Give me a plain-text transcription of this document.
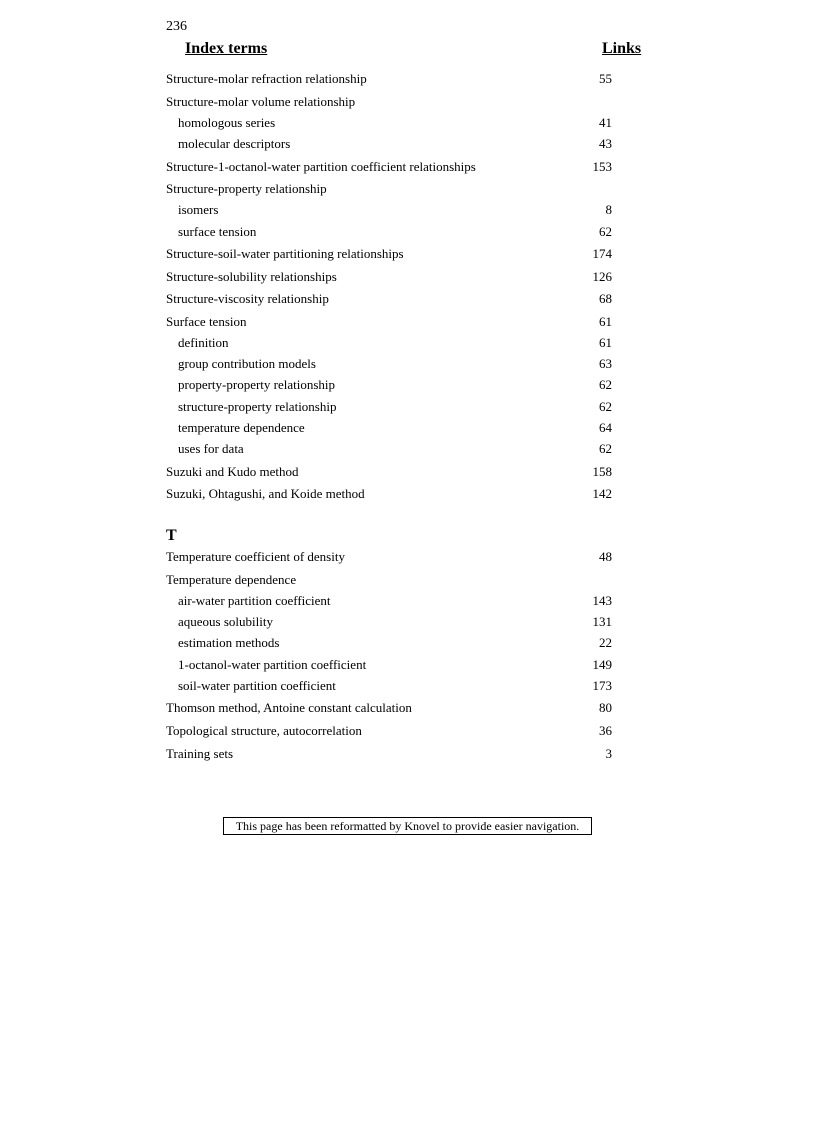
236
Index terms	Links
Structure-molar refraction relationship	55
Structure-molar volume relationship
homologous series	41
molecular descriptors	43
Structure-1-octanol-water partition coefficient relationships	153
Structure-property relationship
isomers	8
surface tension	62
Structure-soil-water partitioning relationships	174
Structure-solubility relationships	126
Structure-viscosity relationship	68
Surface tension	61
definition	61
group contribution models	63
property-property relationship	62
structure-property relationship	62
temperature dependence	64
uses for data	62
Suzuki and Kudo method	158
Suzuki, Ohtagushi, and Koide method	142
T
Temperature coefficient of density	48
Temperature dependence
air-water partition coefficient	143
aqueous solubility	131
estimation methods	22
1-octanol-water partition coefficient	149
soil-water partition coefficient	173
Thomson method, Antoine constant calculation	80
Topological structure, autocorrelation	36
Training sets	3
This page has been reformatted by Knovel to provide easier navigation.
